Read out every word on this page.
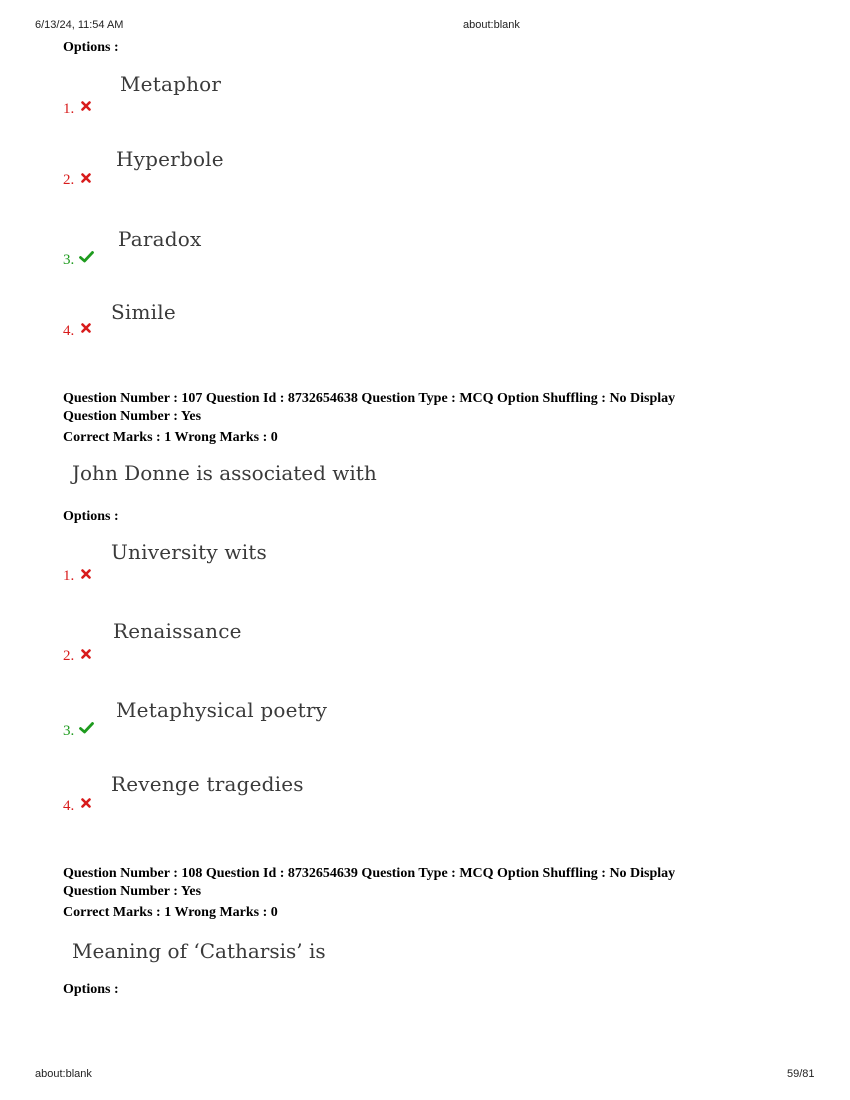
6/13/24, 11:54 AM	about:blank
Options :
Metaphor
1.
Hyperbole
2.
Paradox
3.
Simile
4.
Question Number : 107 Question Id : 8732654638 Question Type : MCQ Option Shuffling : No Display
Question Number : Yes
Correct Marks : 1 Wrong Marks : 0
John Donne is associated with
Options :
University wits
1.
Renaissance
2.
Metaphysical poetry
3.
Revenge tragedies
4.
Question Number : 108 Question Id : 8732654639 Question Type : MCQ Option Shuffling : No Display
Question Number : Yes
Correct Marks : 1 Wrong Marks : 0
Meaning of ‘Catharsis’ is
Options :
about:blank	59/81
